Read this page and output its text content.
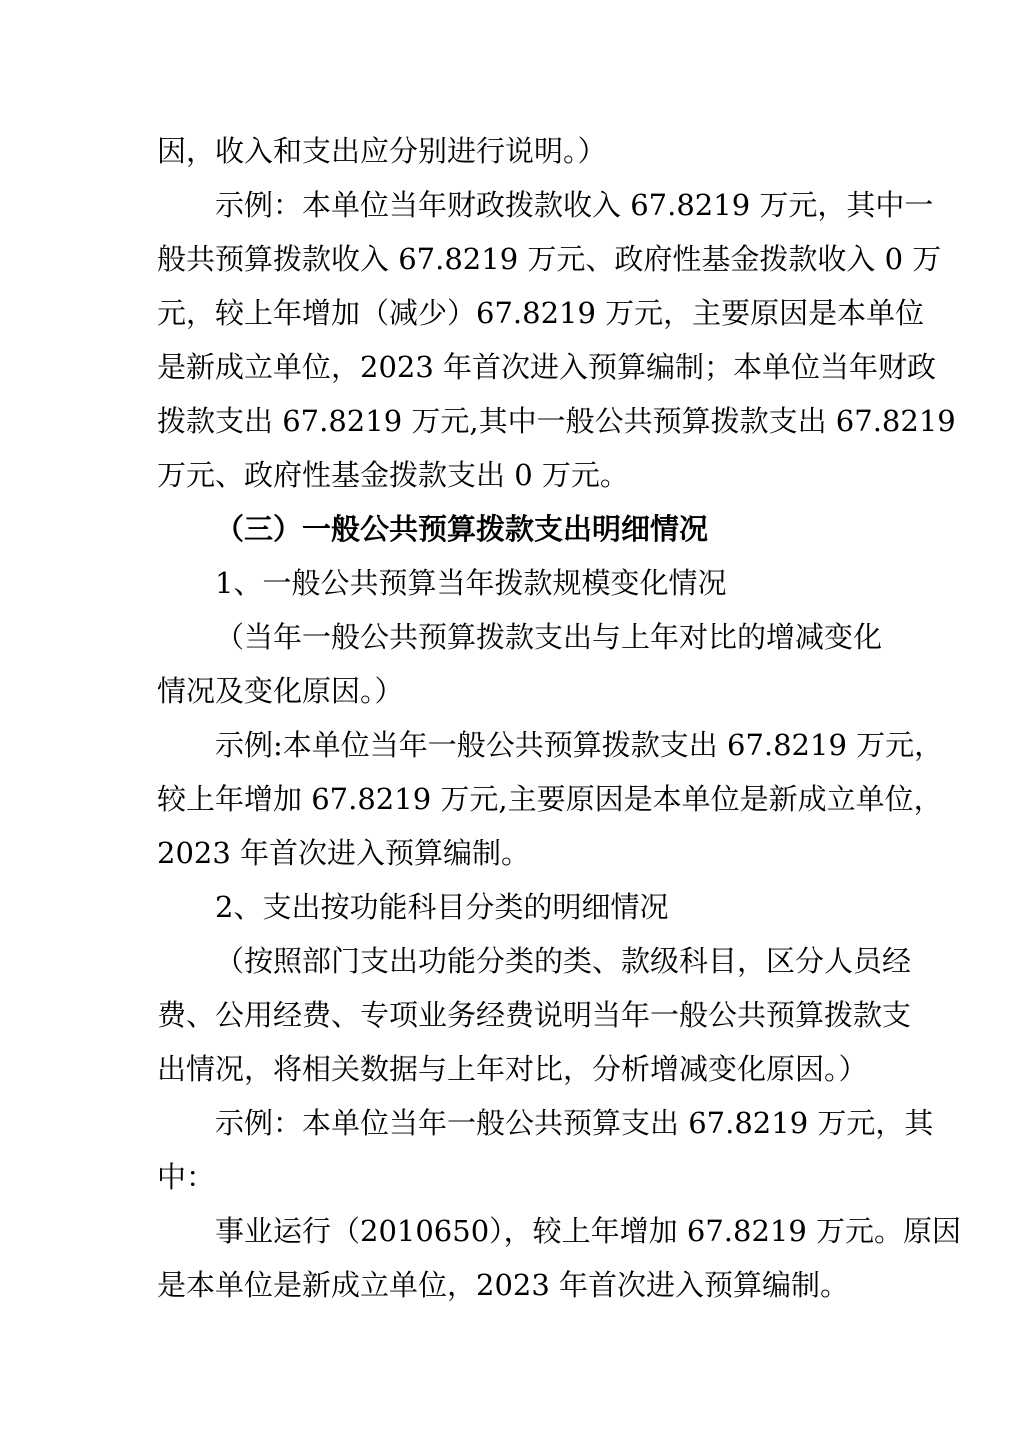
因，收入和支出应分别进行说明。）
示例：本单位当年财政拨款收入 67.8219 万元，其中一
般共预算拨款收入 67.8219 万元、政府性基金拨款收入 0 万
元，较上年增加（减少）67.8219 万元，主要原因是本单位
是新成立单位，2023 年首次进入预算编制；本单位当年财政
拨款支出 67.8219 万元,其中一般公共预算拨款支出 67.8219
万元、政府性基金拨款支出 0 万元。
（三）一般公共预算拨款支出明细情况
1、一般公共预算当年拨款规模变化情况
（当年一般公共预算拨款支出与上年对比的增减变化
情况及变化原因。）
示例:本单位当年一般公共预算拨款支出 67.8219 万元，
较上年增加 67.8219 万元,主要原因是本单位是新成立单位，
2023 年首次进入预算编制。
2、支出按功能科目分类的明细情况
（按照部门支出功能分类的类、款级科目，区分人员经
费、公用经费、专项业务经费说明当年一般公共预算拨款支
出情况，将相关数据与上年对比，分析增减变化原因。）
示例：本单位当年一般公共预算支出 67.8219 万元，其
中：
事业运行（2010650），较上年增加 67.8219 万元。原因
是本单位是新成立单位，2023 年首次进入预算编制。
